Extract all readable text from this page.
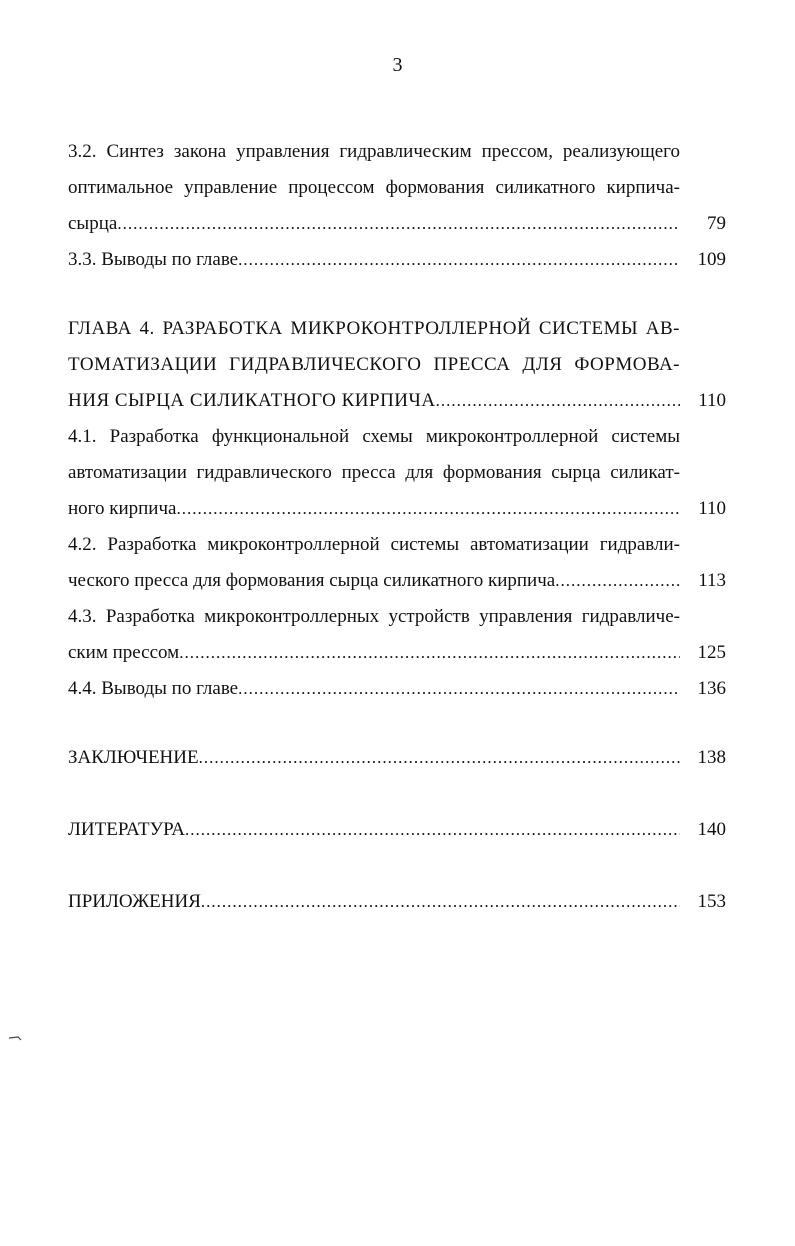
3
3.2. Синтез закона управления гидравлическим прессом, реализующего
оптимальное управление процессом формования силикатного кирпича-
сырца .....	79
3.3. Выводы по главе .....	109
ГЛАВА 4. РАЗРАБОТКА МИКРОКОНТРОЛЛЕРНОЙ СИСТЕМЫ АВ-
ТОМАТИЗАЦИИ ГИДРАВЛИЧЕСКОГО ПРЕССА ДЛЯ ФОРМОВА-
НИЯ СЫРЦА СИЛИКАТНОГО КИРПИЧА .....	110
4.1. Разработка функциональной схемы микроконтроллерной системы
автоматизации гидравлического пресса для формования сырца силикат-
ного кирпича .....	110
4.2. Разработка микроконтроллерной системы автоматизации гидравли-
ческого пресса для формования сырца силикатного кирпича .....	113
4.3. Разработка микроконтроллерных устройств управления гидравличе-
ским прессом .....	125
4.4. Выводы по главе .....	136
ЗАКЛЮЧЕНИЕ .....	138
ЛИТЕРАТУРА .....	140
ПРИЛОЖЕНИЯ .....	153
